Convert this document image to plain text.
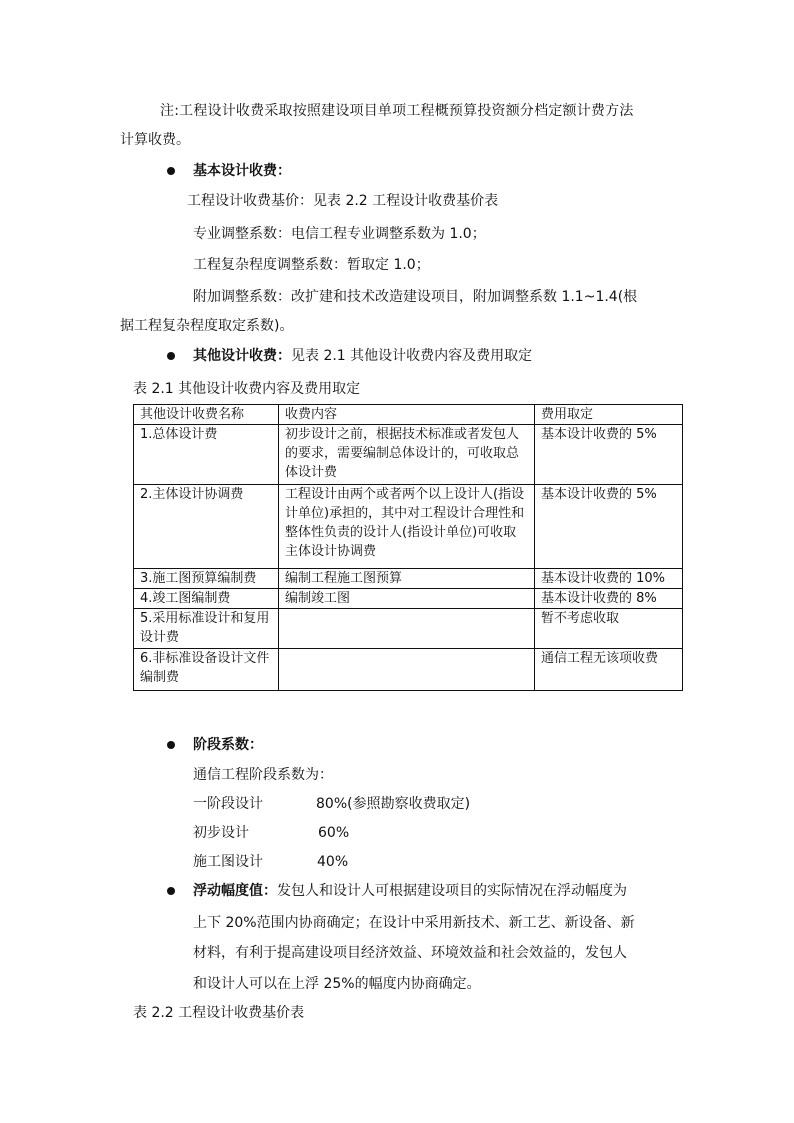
注:工程设计收费采取按照建设项目单项工程概预算投资额分档定额计费方法
计算收费。
基本设计收费：
工程设计收费基价：见表 2.2 工程设计收费基价表
专业调整系数：电信工程专业调整系数为 1.0；
工程复杂程度调整系数：暂取定 1.0；
附加调整系数：改扩建和技术改造建设项目，附加调整系数 1.1~1.4(根
据工程复杂程度取定系数)。
其他设计收费：见表 2.1 其他设计收费内容及费用取定
表 2.1 其他设计收费内容及费用取定
其他设计收费名称	收费内容	费用取定
1.总体设计费	初步设计之前，根据技术标准或者发包人的要求，需要编制总体设计的，可收取总体设计费	基本设计收费的 5%
2.主体设计协调费	工程设计由两个或者两个以上设计人(指设计单位)承担的，其中对工程设计合理性和整体性负责的设计人(指设计单位)可收取主体设计协调费	基本设计收费的 5%
3.施工图预算编制费	编制工程施工图预算	基本设计收费的 10%
4.竣工图编制费	编制竣工图	基本设计收费的 8%
5.采用标准设计和复用设计费		暂不考虑收取
6.非标准设备设计文件编制费		通信工程无该项收费
阶段系数：
通信工程阶段系数为：
一阶段设计	80%(参照勘察收费取定)
初步设计	60%
施工图设计	40%
浮动幅度值：发包人和设计人可根据建设项目的实际情况在浮动幅度为
上下 20%范围内协商确定；在设计中采用新技术、新工艺、新设备、新
材料，有利于提高建设项目经济效益、环境效益和社会效益的，发包人
和设计人可以在上浮 25%的幅度内协商确定。
表 2.2 工程设计收费基价表
